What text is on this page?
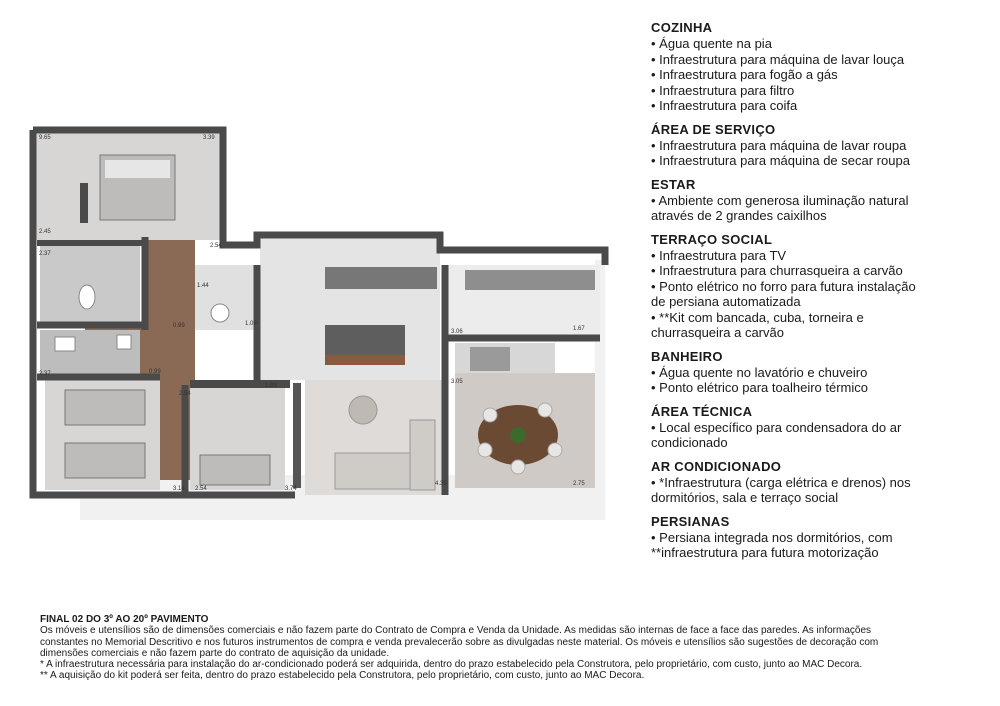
9.65	3.39
2.45
2.54
2.37
1.44
1.09
0.99
2.37	0.99
2.54
1.99
3.14 2.54	3.74
3.06	1.67
3.05
4.39	2.75

COZINHA

• Água quente na pia

• Infraestrutura para máquina de lavar louça

• Infraestrutura para fogão a gás

• Infraestrutura para filtro

• Infraestrutura para coifa

ÁREA DE SERVIÇO

• Infraestrutura para máquina de lavar roupa

• Infraestrutura para máquina de secar roupa

ESTAR

• Ambiente com generosa iluminação natural

através de 2 grandes caixilhos

TERRAÇO SOCIAL

• Infraestrutura para TV

• Infraestrutura para churrasqueira a carvão

• Ponto elétrico no forro para futura instalação

de persiana automatizada

• **Kit com bancada, cuba, torneira e

churrasqueira a carvão

BANHEIRO

• Água quente no lavatório e chuveiro

• Ponto elétrico para toalheiro térmico

ÁREA TÉCNICA

• Local específico para condensadora do ar

condicionado

AR CONDICIONADO

• *Infraestrutura (carga elétrica e drenos) nos

dormitórios, sala e terraço social

PERSIANAS

• Persiana integrada nos dormitórios, com

**infraestrutura para futura motorização

FINAL 02 DO 3º AO 20º PAVIMENTO

Os móveis e utensílios são de dimensões comerciais e não fazem parte do Contrato de Compra e Venda da Unidade. As medidas são internas de face a face das paredes. As informações

constantes no Memorial Descritivo e nos futuros instrumentos de compra e venda prevalecerão sobre as divulgadas neste material. Os móveis e utensílios são sugestões de decoração com

dimensões comerciais e não fazem parte do contrato de aquisição da unidade.

* A infraestrutura necessária para instalação do ar-condicionado poderá ser adquirida, dentro do prazo estabelecido pela Construtora, pelo proprietário, com custo, junto ao MAC Decora.

** A aquisição do kit poderá ser feita, dentro do prazo estabelecido pela Construtora, pelo proprietário, com custo, junto ao MAC Decora.
